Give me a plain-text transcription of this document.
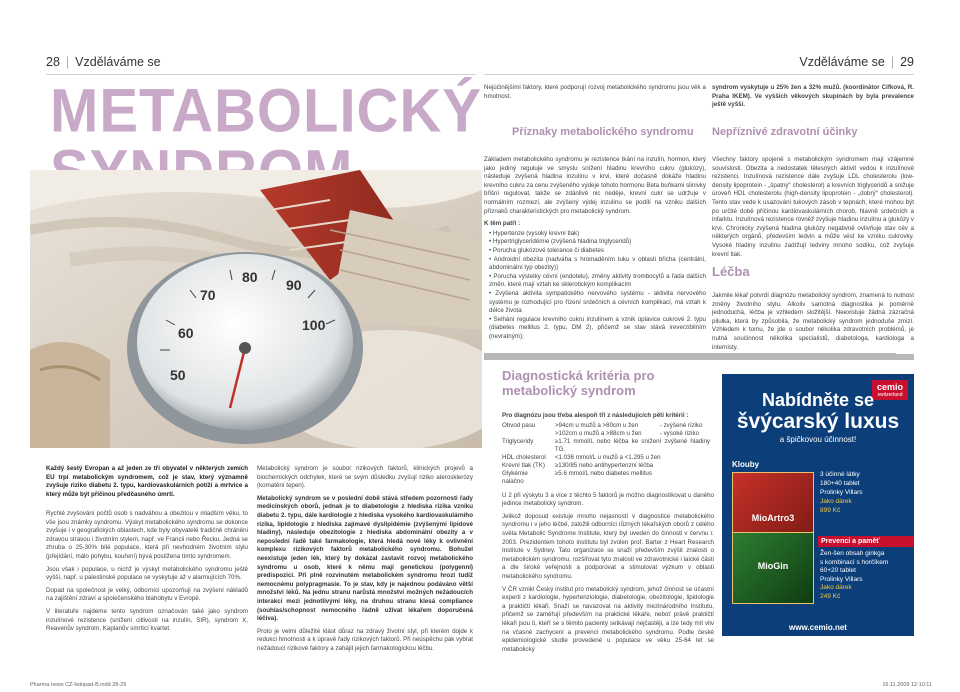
28 | Vzděláváme se	Vzděláváme se | 29
METABOLICKÝ
50
60
70
80 90
100
Nejúčinějšími faktory, které podporují rozvoj metabolického syndromu jsou věk a hmotnost.
Každý šestý Evropan a až jeden ze tří obyvatel v některých zemích EU trpí metabolickým syndromem, což je stav, který významně zvyšuje riziko diabetu 2. typu, kardiovaskulárních potíží a mrtvice a který může být příčinou předčasného úmrtí.

Rychlé zvyšování počtů osob s nadváhou a obezitou v mladším věku, to vše jsou známky syndromu. Výskyt metabolického syndromu se dokonce zvyšuje i v geografických oblastech, kde byly obyvatelé tradičně chráněni zdravou stravou i životním stylem, např. ve Francii nebo Řecku. Jedná se zhruba o 25-30% bílé populace, která při nevhodném životním stylu (přejídání, málo pohybu, kouření) bývá postižena tímto syndromem.

Jsou však i populace, u nichž je výskyt metabolického syndromu ještě vyšší, např. u palestinské populace se vyskytuje až v alarmujících 70%.

Dopad na společnost je velký, odborníci upozorňují na zvýšení nákladů na zajištění zdraví a společenského blahobytu v Evropě.

V literatuře najdeme tento syndrom označován také jako syndrom inzulínové rezistence (snížení citlivosti na inzulín, SIR), syndrom X, Reavenův syndrom, Kaplanův smrtící kvartet.

Metabolický syndrom je soubor rizikových faktorů, klinických projevů a biochemických odchylek, které se svým důsledku zvyšují riziko aterosklerózy (komatění tepen).

Metabolický syndrom se v poslední době stává středem pozornosti řady medicínských oborů, jednak je to diabetologie z hlediska rizika vzniku diabetu 2. typu, dále kardiologie z hlediska vysokého kardiovaskulárního rizika, lipidologie z hlediska zajímavé dyslipidémie (zvýšenými lipidové hladiny), následuje obezitologie z hlediska abdominální obezity a v neposlední řadě také farmakologie, která hledá nové léky k ovlivnění komplexu rizikových faktorů metabolického syndromu. Bohužel neexistuje jeden lék, který by dokázal zastavit rozvoj metabolického syndromu u osob, které k němu mají genetickou (polygenní) predispozici. Při plně rozvinutém metabolickém syndromu hrozí tudíž nemocnému polypragmasie. To je stav, kdy je najednou podáváno větší množství léků. Na jednu stranu narůstá množství možných nežádoucích interakcí mezi jednotlivými léky, na druhou stranu klesá compliance (souhlas/schopnost nemocného řádně užívat lékařem doporučená léčiva).

Proto je velmi důležité klást důraz na zdravý životní styl, při kterém dojde k redukci hmotnosti a k úpravě řady rizikových faktorů. Při neúspěchu pak vybrat nežádoucí rizikové faktory a zahájit jejich farmakologickou léčbu.

syndrom vyskytuje u 25% žen a 32% mužů. (koordinátor Cífková, R. Praha IKEM). Ve vyšších věkových skupinách by byla prevalence ještě vyšší.
Příznaky metabolického syndromu

Základem metabolického syndromu je rezistence tkání na inzulín, hormon, který jako jediný reguluje ve smyslu snížení hladinu krevního cukru (glukózy), následuje zvýšená hladina inzulínu v krvi, které dočasně dokáže hladinu krevního cukru za cenu zvýšeného výdeje tohoto hormonu Beta buňkami slinivky břišní regulovat, takže se zdánlivě nic neděje, krevní cukr se udržuje v normálním rozmezí, ale zvýšený výdej inzulínu se podílí na vzniku dalších příznaků charakteristických pro metabolický syndrom.

K těm patří :

• Hypertenze (vysoký krevní tlak)
• Hypertriglyceridémie (zvýšená hladina triglyceridů)
• Porucha glukózové tolerance či diabetes
• Androidní obezita (nadváha s hromaděním tuku v oblasti břicha (centrální, abdominální typ obezity))
• Porucha výstelky cévní (endotelu), změny aktivity trombocytů a řada dalších změn, které mají vztah ke sklerotickým komplikacím
• Zvýšená aktivita sympatického nervového systému - aktivita nervového systému je rozhodující pro řízení srdečních a cévních komplikací, má vztah k délce života
• Selhání regulace krevního cukru inzulínem a vznik úplavice cukrové 2. typu (diabetes mellitus 2. typu, DM 2), přičemž se stav stává ireverzibilním (nevratným);
Nepříznivé zdravotní účinky
Všechny faktory spojené s metabolickým syndromem mají vzájemné souvislosti. Obezita a nedostatek tělesných aktivit vedou k inzulínové rezistenci. Inzulínová rezistence dále zvyšuje LDL cholesterolu (low-density lipoprotein - „špatný“ cholesterol) a krevních triglyceridů a snižuje úroveň HDL cholesterolu (high-density lipoprotein - „dobrý“ cholesterol). Tento stav vede k usazování tukových zásob v tepnách, které mohou být po určité době příčinou kardiovaskulárních chorob, hlavně srdečních a infarktu. Inzulínová rezistence rovněž zvyšuje hladinu inzulínu a glukózy v krvi. Chronicky zvýšená hladina glukózy negativně ovlivňuje stav cév a některých orgánů, především ledvin a může vést ke vzniku cukrovky. Vysoké hladiny inzulínu zadržují ledviny mnoho sodíku, což zvyšuje krevní tlak.
Léčba
Jakmile lékař potvrdí diagnózu metabolický syndrom, znamená to nutnost změny životního stylu. Alkoliv samotná diagnostika je poměrně jednoduchá, léčba je vzhledem složitější. Neexistuje žádná zázračná pilulka, která by způsobila, že metabolický syndrom jednoduše zmizí. Vzhledem k tomu, že jde o soubor několika zdravotních problémů, je nutná součinnost několika specialistů, diabetologa, kardiologa a internisty.
Diagnostická kritéria pro metabolický syndrom

Pro diagnózu jsou třeba alespoň tři z následujících pěti kritérií :

Obvod pasu	>94cm u mužů a >80cm u žen	- zvýšené riziko
	>102cm u mužů a >88cm u žen	- vysoké riziko
Triglyceridy	≥1.71 mmol/L nebo léčba ke snížení zvýšené hladiny TG.	
HDL cholesterol	<1.036 mmol/L u mužů a <1.295 u žen	
Krevní tlak (TK)	≥130/85 nebo antihypertenzní léčba	
Glykémie nalačno	≥5.6 mmol/L nebo diabetes mellitus	

U 2 při výskytu 3 a více z těchto 5 faktorů je možno diagnostikovat u daného jedince metabolický syndrom.

Jelikož doposud existuje mnoho nejasností v diagnostice metabolického syndromu i v jeho léčbě, založili odborníci různých lékařských oborů z celého světa Metabolic Syndrome Institute, který byl uveden do činnosti v červnu r. 2003. Prezidentem tohoto institutu byl zvolen prof. Barter z Heart Research Institute v Sydney. Tato organizace se snaží především zvýšit znalosti o metabolickém syndromu, rozšiřovat tyto znalosti ve zdravotnické i laické části a dle široké veřejnosti a podporovat a stimulovat výzkum v oblasti metabolického syndromu.

V ČR vznikl Český institut pro metabolický syndrom, jehož činnost se účastní experti z kardiologie, hypertenziologie, diabetologie, obezitologie, lipidologie a praktičtí lékaři. Snaží se navazovat na aktivity mezinárodního Institutu, přičemž se zaměřují především na praktické lékaře, neboť právě praktičtí lékaři jsou ti, kteří se s těmito pacienty setkávají nejčastěji, a lze tedy mít vliv na včasné zachycení a prevenci metabolického syndromu. Podle české epidemiologické studie provedené u populace ve věku 25-64 let se metabolický

cemio
switzerland
Nabídněte se
švýcarský luxus
a špičkovou účinnost!
Klouby
MioArtro3
3 účinné látky
180+40 tablet
Prolinky Villars
Jako dárek
899 Kč
MioGin
Prevenci a paměť
Žen-šen obsah ginkga
s kombinací s horčíkem
60+20 tablet
Prolinky Villars
Jako dárek
249 Kč
www.cemio.net
Pharma news CZ-listopad-B.indd 28-29	16.11.2009 12:10:11
